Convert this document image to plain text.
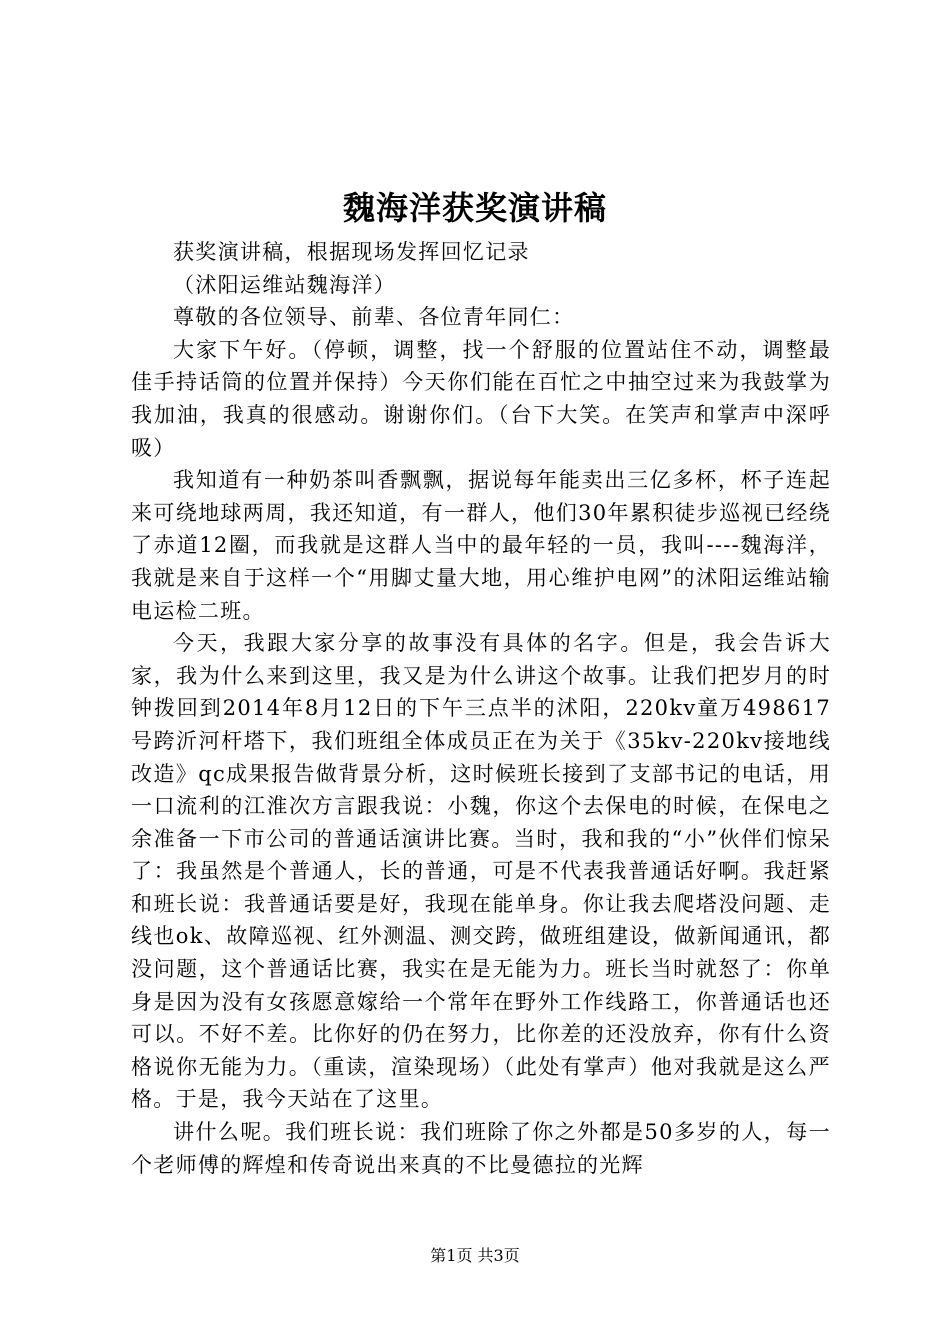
魏海洋获奖演讲稿

获奖演讲稿，根据现场发挥回忆记录

（沭阳运维站魏海洋）

尊敬的各位领导、前辈、各位青年同仁：

大家下午好。（停顿，调整，找一个舒服的位置站住不动，调整最佳手持话筒的位置并保持）今天你们能在百忙之中抽空过来为我鼓掌为我加油，我真的很感动。谢谢你们。（台下大笑。在笑声和掌声中深呼吸）

我知道有一种奶茶叫香飘飘，据说每年能卖出三亿多杯，杯子连起来可绕地球两周，我还知道，有一群人，他们30年累积徒步巡视已经绕了赤道12圈，而我就是这群人当中的最年轻的一员，我叫----魏海洋，我就是来自于这样一个“用脚丈量大地，用心维护电网”的沭阳运维站输电运检二班。

今天，我跟大家分享的故事没有具体的名字。但是，我会告诉大家，我为什么来到这里，我又是为什么讲这个故事。让我们把岁月的时钟拨回到2014年8月12日的下午三点半的沭阳，220kv童万498617号跨沂河杆塔下，我们班组全体成员正在为关于《35kv-220kv接地线改造》qc成果报告做背景分析，这时候班长接到了支部书记的电话，用一口流利的江淮次方言跟我说：小魏，你这个去保电的时候，在保电之余准备一下市公司的普通话演讲比赛。当时，我和我的“小”伙伴们惊呆了：我虽然是个普通人，长的普通，可是不代表我普通话好啊。我赶紧和班长说：我普通话要是好，我现在能单身。你让我去爬塔没问题、走线也ok、故障巡视、红外测温、测交跨，做班组建设，做新闻通讯，都没问题，这个普通话比赛，我实在是无能为力。班长当时就怒了：你单身是因为没有女孩愿意嫁给一个常年在野外工作线路工，你普通话也还可以。不好不差。比你好的仍在努力，比你差的还没放弃，你有什么资格说你无能为力。（重读，渲染现场）（此处有掌声）他对我就是这么严格。于是，我今天站在了这里。

讲什么呢。我们班长说：我们班除了你之外都是50多岁的人，每一个老师傅的辉煌和传奇说出来真的不比曼德拉的光辉

第1页 共3页
